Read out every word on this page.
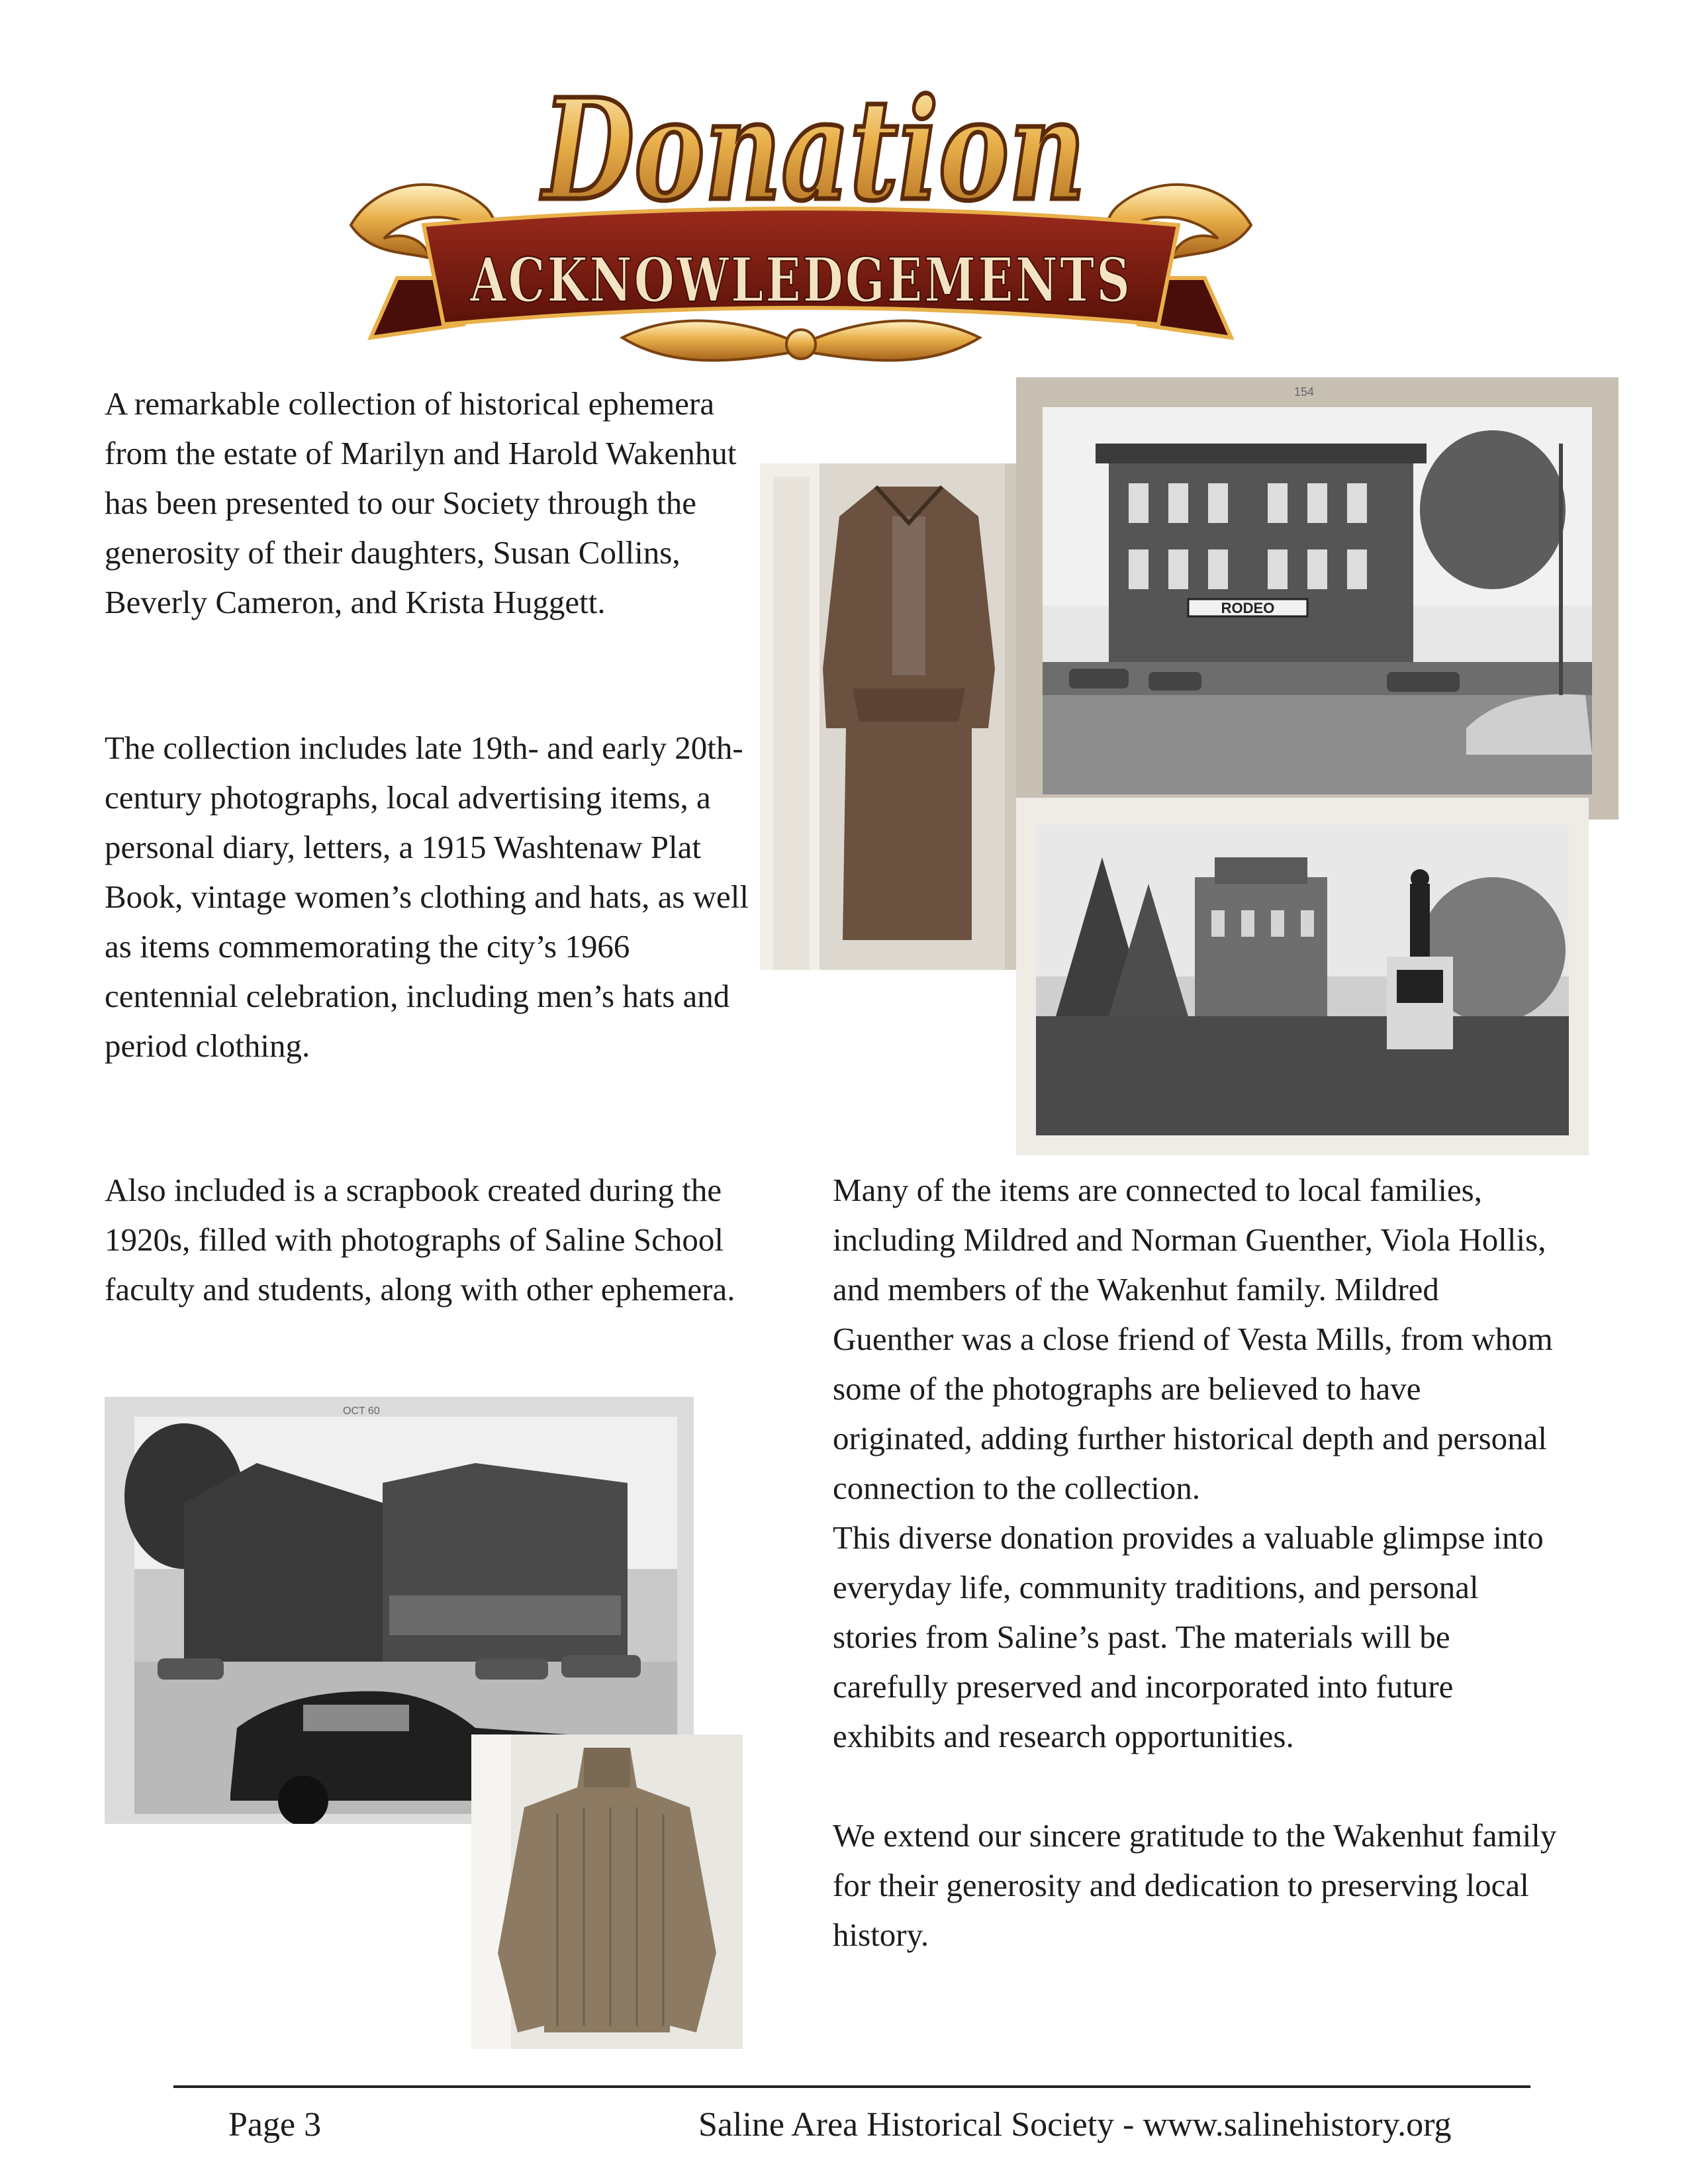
ACKNOWLEDGEMENTS
Donation

A remarkable collection of historical ephemera from the estate of Marilyn and Harold Wakenhut has been presented to our Society through the generosity of their daughters, Susan Collins, Beverly Cameron, and Krista Huggett.

The collection includes late 19th- and early 20th-century photographs, local advertising items, a personal diary, letters, a 1915 Washtenaw Plat Book, vintage women’s clothing and hats, as well as items commemorating the city’s 1966 centennial celebration, including men’s hats and period clothing.

Also included is a scrapbook created during the 1920s, filled with photographs of Saline School faculty and students, along with other ephemera.

Many of the items are connected to local families, including Mildred and Norman Guenther, Viola Hollis, and members of the Wakenhut family. Mildred Guenther was a close friend of Vesta Mills, from whom some of the photographs are believed to have originated, adding further historical depth and personal connection to the collection.

This diverse donation provides a valuable glimpse into everyday life, community traditions, and personal stories from Saline’s past. The materials will be carefully preserved and incorporated into future exhibits and research opportunities.

We extend our sincere gratitude to the Wakenhut family for their generosity and dedication to preserving local history.

RODEO
154
OCT 60
Page 3	Saline Area Historical Society - www.salinehistory.org
